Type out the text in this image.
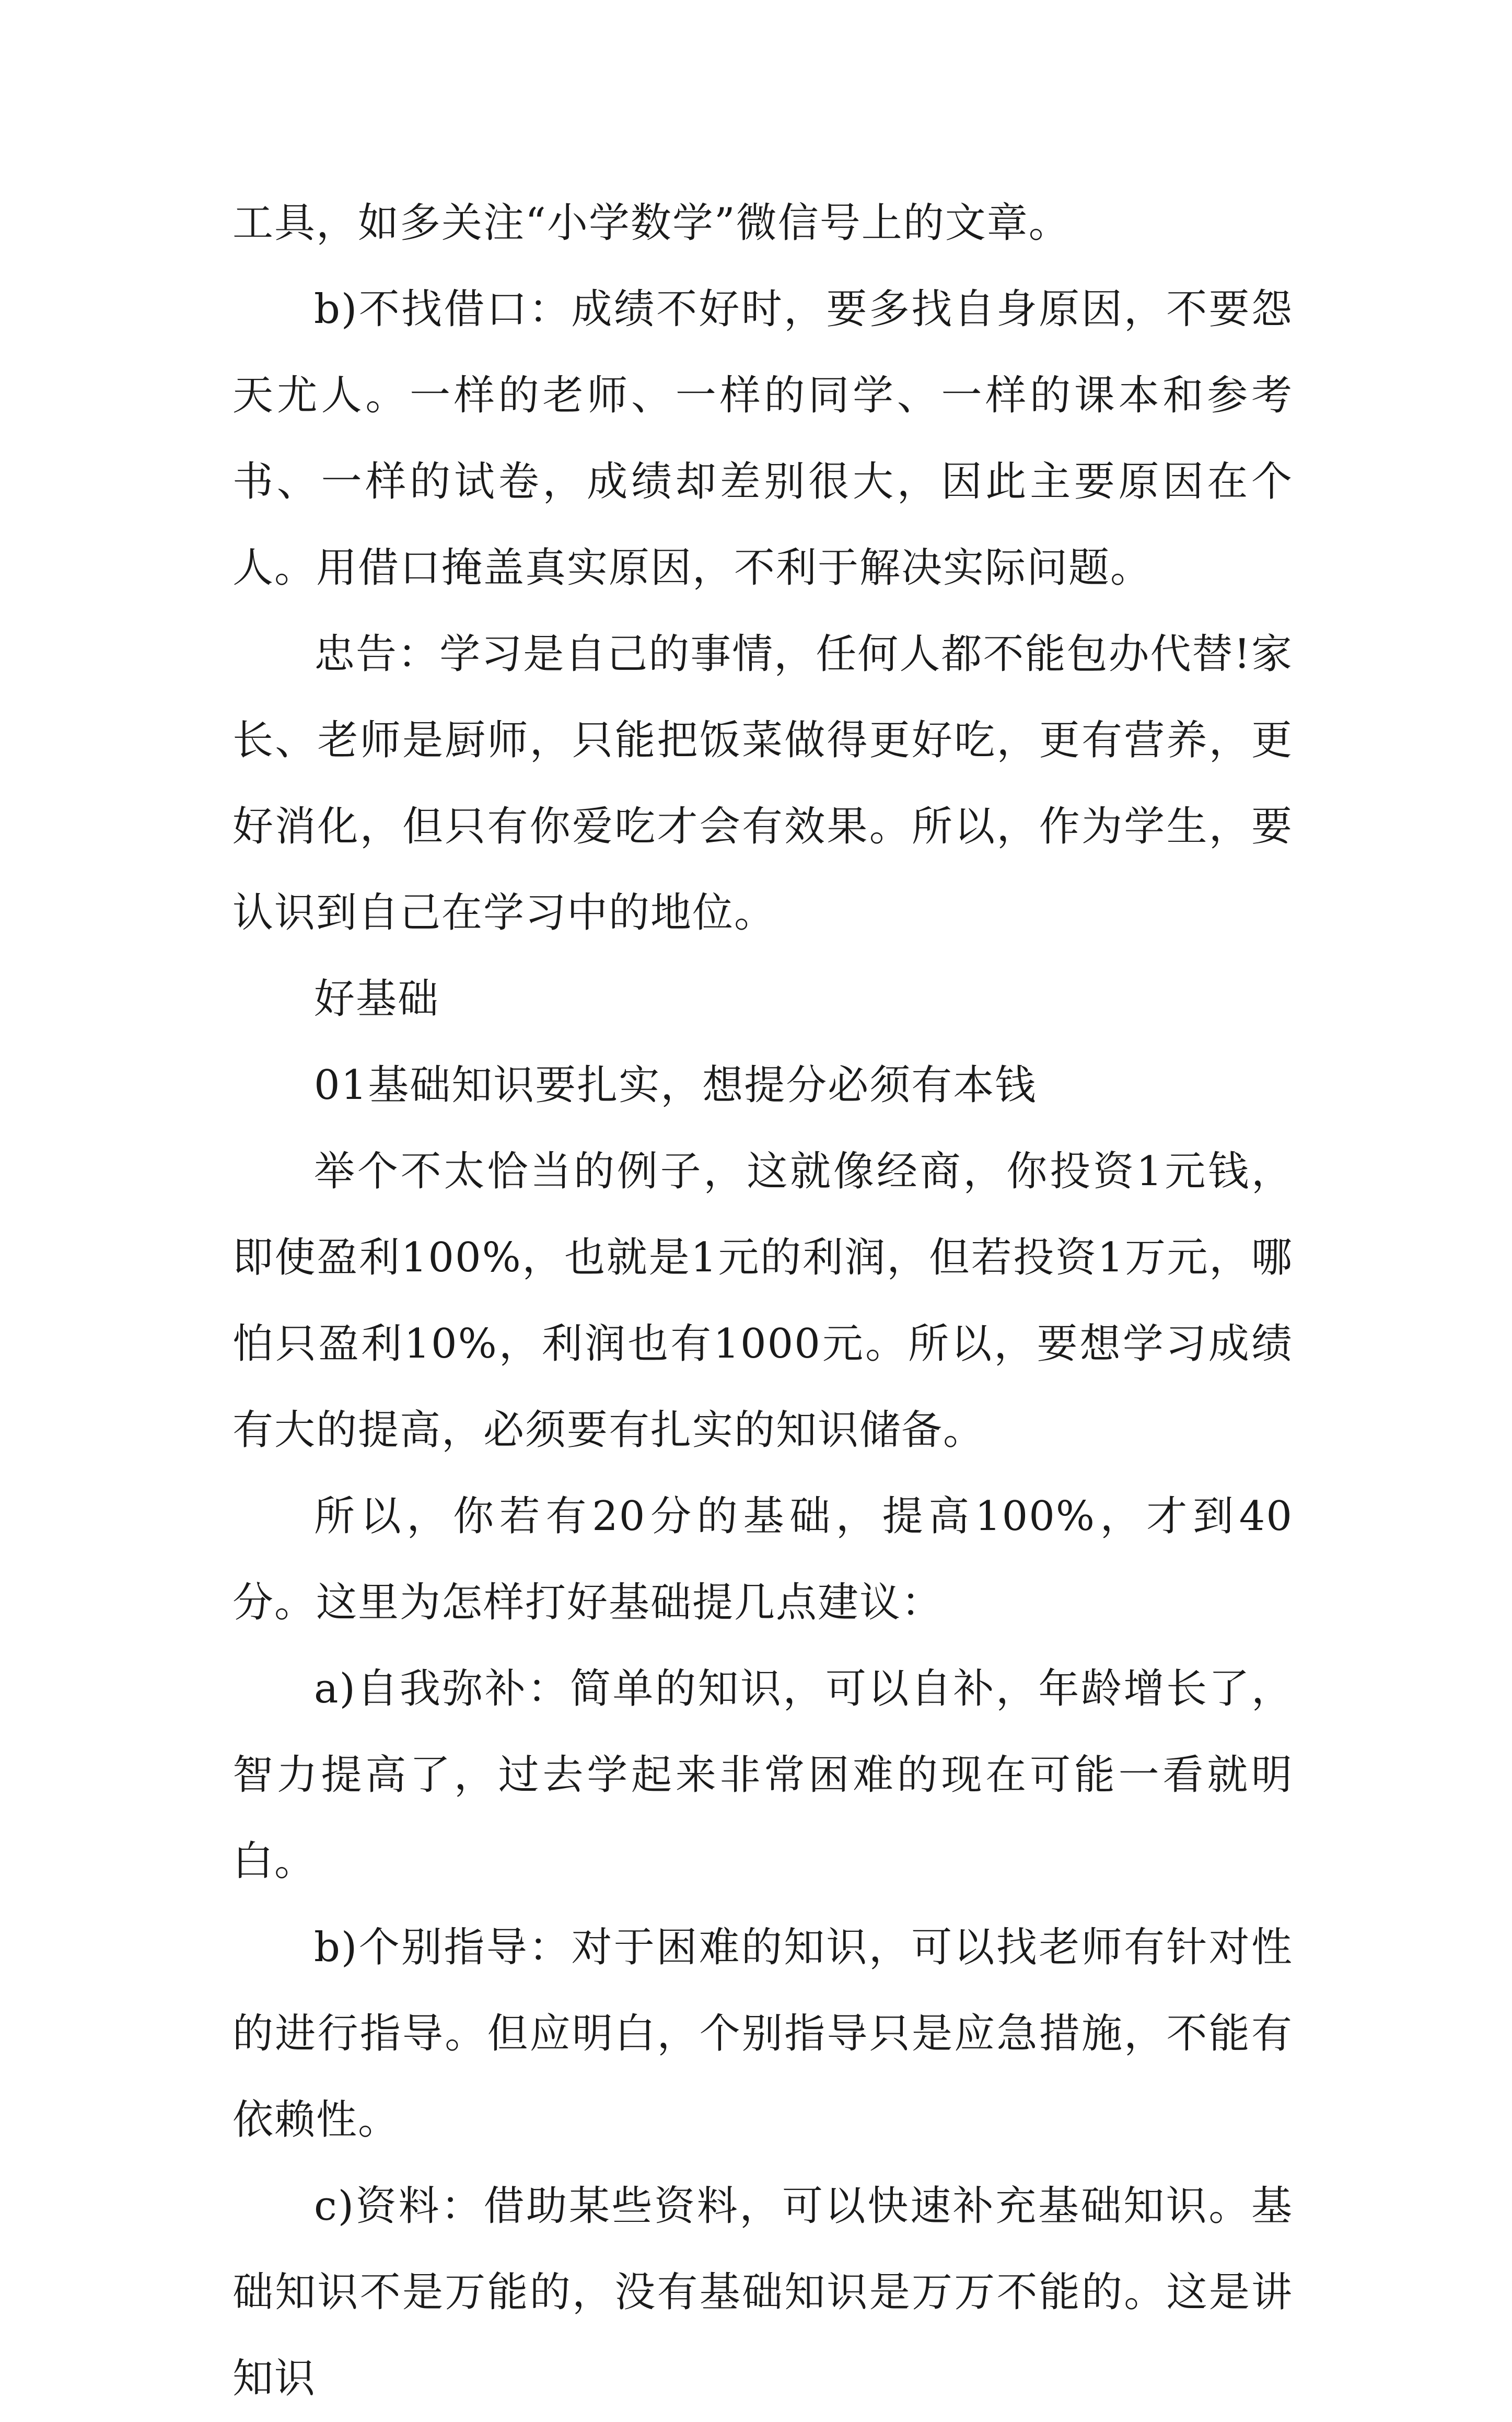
工具，如多关注“小学数学”微信号上的文章。

b)不找借口：成绩不好时，要多找自身原因，不要怨天尤人。一样的老师、一样的同学、一样的课本和参考书、一样的试卷，成绩却差别很大，因此主要原因在个人。用借口掩盖真实原因，不利于解决实际问题。

忠告：学习是自己的事情，任何人都不能包办代替!家长、老师是厨师，只能把饭菜做得更好吃，更有营养，更好消化，但只有你爱吃才会有效果。所以，作为学生，要认识到自己在学习中的地位。

好基础

01基础知识要扎实，想提分必须有本钱

举个不太恰当的例子，这就像经商，你投资1元钱，即使盈利100%，也就是1元的利润，但若投资1万元，哪怕只盈利10%，利润也有1000元。所以，要想学习成绩有大的提高，必须要有扎实的知识储备。

所以，你若有20分的基础，提高100%，才到40分。这里为怎样打好基础提几点建议：

a)自我弥补：简单的知识，可以自补，年龄增长了，智力提高了，过去学起来非常困难的现在可能一看就明白。

b)个别指导：对于困难的知识，可以找老师有针对性的进行指导。但应明白，个别指导只是应急措施，不能有依赖性。

c)资料：借助某些资料，可以快速补充基础知识。基础知识不是万能的，没有基础知识是万万不能的。这是讲知识
